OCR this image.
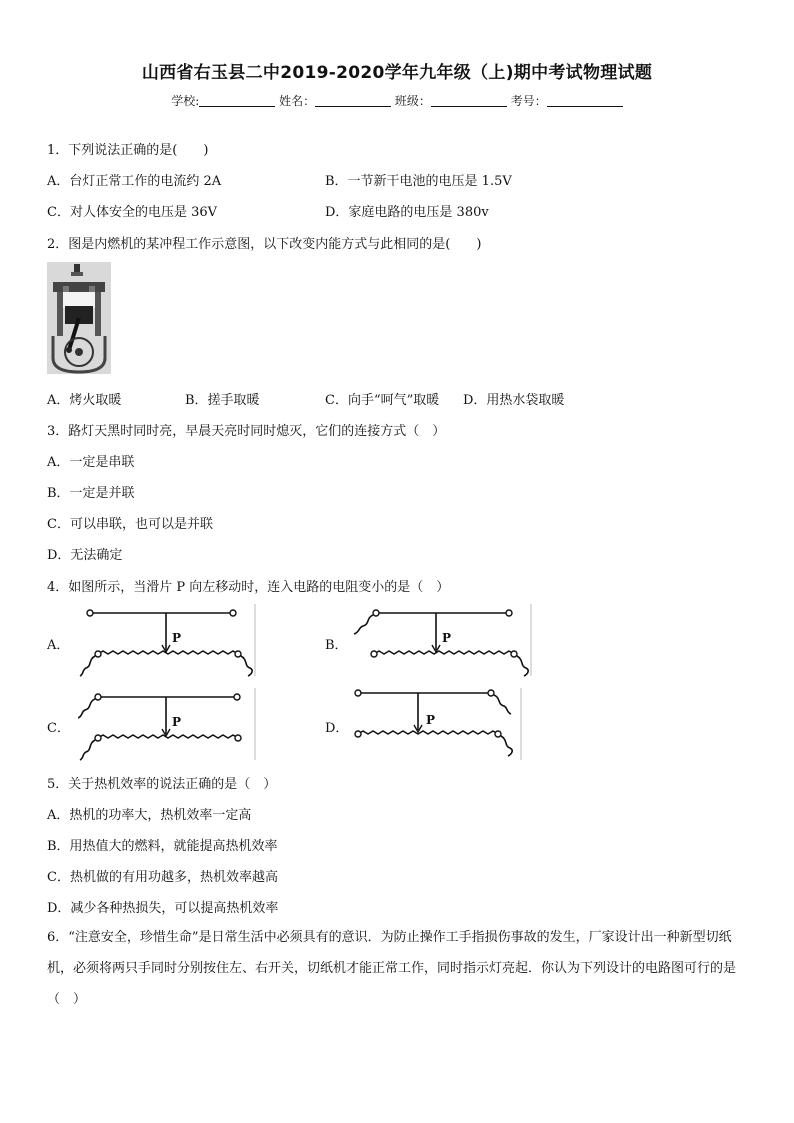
山西省右玉县二中2019-2020学年九年级（上)期中考试物理试题
学校:	姓名：	班级：	考号：
1．下列说法正确的是(　　)
A．台灯正常工作的电流约 2A	B．一节新干电池的电压是 1.5V
C．对人体安全的电压是 36V	D．家庭电路的电压是 380v
2．图是内燃机的某冲程工作示意图，以下改变内能方式与此相同的是(　　)
A．烤火取暖	B．搓手取暖	C．向手“呵气”取暖 D．用热水袋取暖
3．路灯天黑时同时亮，早晨天亮时同时熄灭，它们的连接方式（　）
A．一定是串联
B．一定是并联
C．可以串联，也可以是并联
D．无法确定
4．如图所示，当滑片 P 向左移动时，连入电路的电阻变小的是（　）
A．	B．
C．	D．
P	P
P	P
5．关于热机效率的说法正确的是（　）
A．热机的功率大，热机效率一定高
B．用热值大的燃料，就能提高热机效率
C．热机做的有用功越多，热机效率越高
D．减少各种热损失，可以提高热机效率
6．“注意安全，珍惜生命”是日常生活中必须具有的意识．为防止操作工手指损伤事故的发生，厂家设计出一种新型切纸机，必须将两只手同时分别按住左、右开关，切纸机才能正常工作，同时指示灯亮起．你认为下列设计的电路图可行的是（　）
